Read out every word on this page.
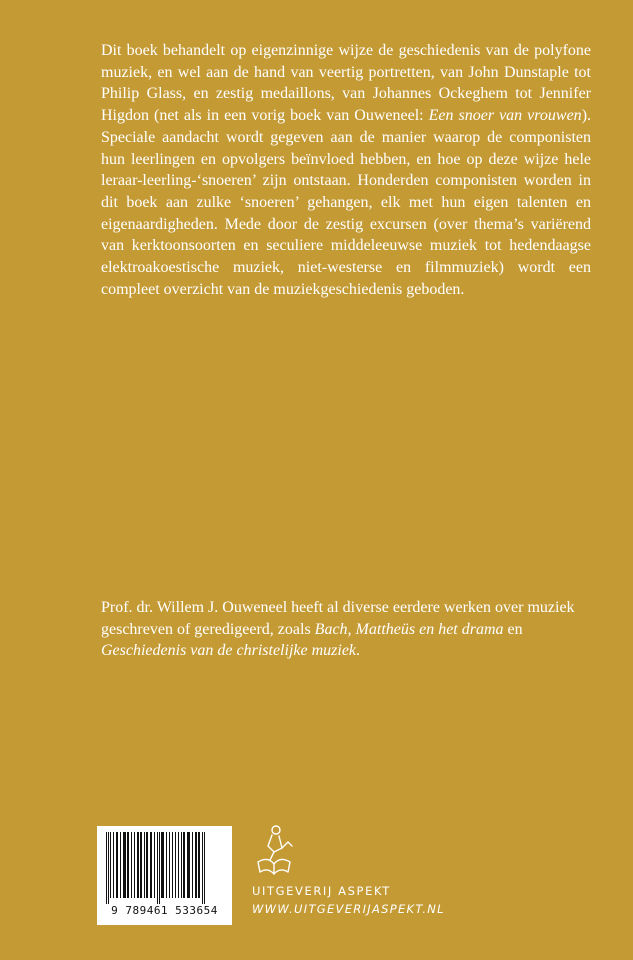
Dit boek behandelt op eigenzinnige wijze de geschiedenis van de polyfone muziek, en wel aan de hand van veertig portretten, van John Dunstaple tot Philip Glass, en zestig medaillons, van Johannes Ockeghem tot Jennifer Higdon (net als in een vorig boek van Ouweneel: Een snoer van vrouwen). Speciale aandacht wordt gegeven aan de manier waarop de componisten hun leerlingen en opvolgers beïnvloed hebben, en hoe op deze wijze hele leraar-leerling-‘snoeren’ zijn ontstaan. Honderden componisten worden in dit boek aan zulke ‘snoeren’ gehangen, elk met hun eigen talenten en eigenaardigheden. Mede door de zestig excursen (over thema’s variërend van kerktoonsoorten en seculiere middeleeuwse muziek tot hedendaagse elektroakoestische muziek, niet-westerse en filmmuziek) wordt een compleet overzicht van de muziekgeschiedenis geboden.

Prof. dr. Willem J. Ouweneel heeft al diverse eerdere werken over muziek geschreven of geredigeerd, zoals Bach, Mattheüs en het drama en Geschiedenis van de christelijke muziek.

9 789461 533654

UITGEVERIJ ASPEKT

WWW.UITGEVERIJASPEKT.NL
